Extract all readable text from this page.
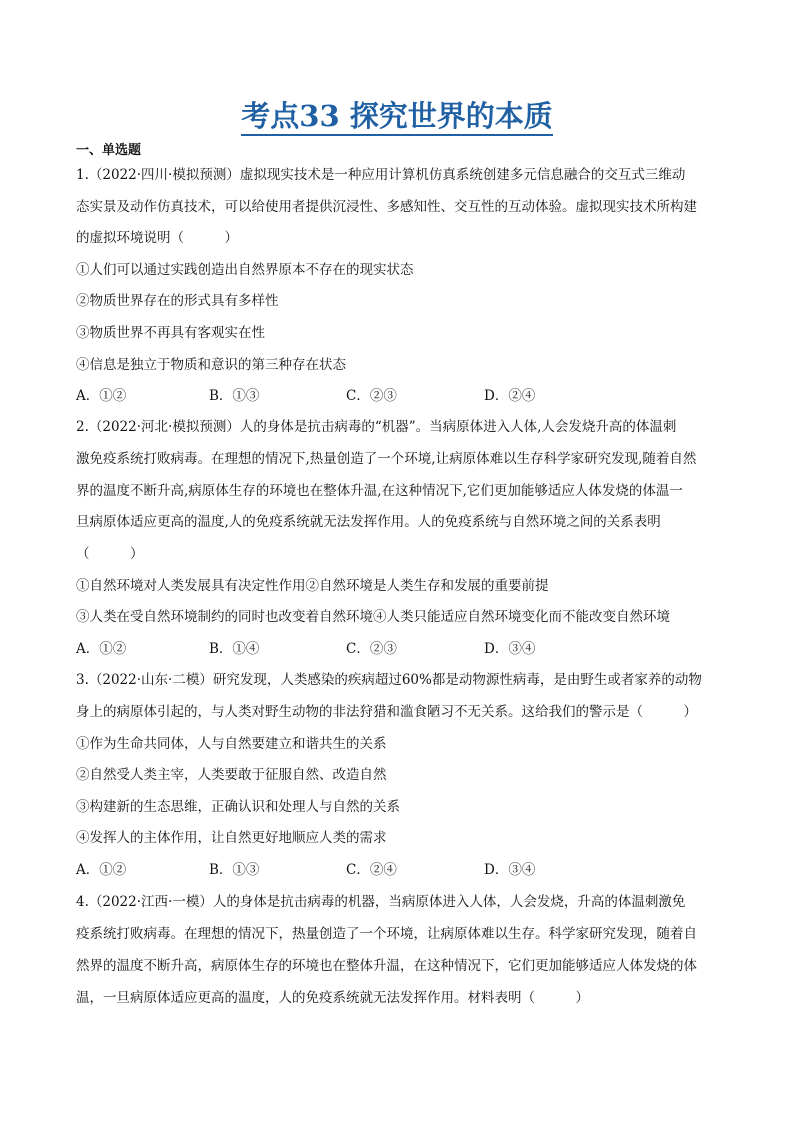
考点33 探究世界的本质
一、单选题
1.（2022·四川·模拟预测）虚拟现实技术是一种应用计算机仿真系统创建多元信息融合的交互式三维动
态实景及动作仿真技术，可以给使用者提供沉浸性、多感知性、交互性的互动体验。虚拟现实技术所构建
的虚拟环境说明（　　　）
①人们可以通过实践创造出自然界原本不存在的现实状态
②物质世界存在的形式具有多样性
③物质世界不再具有客观实在性
④信息是独立于物质和意识的第三种存在状态
A．①②	B．①③	C．②③	D．②④
2.（2022·河北·模拟预测）人的身体是抗击病毒的“机器”。当病原体进入人体,人会发烧升高的体温刺
激免疫系统打败病毒。在理想的情况下,热量创造了一个环境,让病原体难以生存科学家研究发现,随着自然
界的温度不断升高,病原体生存的环境也在整体升温,在这种情况下,它们更加能够适应人体发烧的体温一
旦病原体适应更高的温度,人的免疫系统就无法发挥作用。人的免疫系统与自然环境之间的关系表明
（　　　）
①自然环境对人类发展具有决定性作用②自然环境是人类生存和发展的重要前提
③人类在受自然环境制约的同时也改变着自然环境④人类只能适应自然环境变化而不能改变自然环境
A．①②	B．①④	C．②③	D．③④
3.（2022·山东·二模）研究发现，人类感染的疾病超过60%都是动物源性病毒，是由野生或者家养的动物
身上的病原体引起的，与人类对野生动物的非法狩猎和滥食陋习不无关系。这给我们的警示是（　　　）
①作为生命共同体，人与自然要建立和谐共生的关系
②自然受人类主宰，人类要敢于征服自然、改造自然
③构建新的生态思维，正确认识和处理人与自然的关系
④发挥人的主体作用，让自然更好地顺应人类的需求
A．①②	B．①③	C．②④	D．③④
4.（2022·江西·一模）人的身体是抗击病毒的机器，当病原体进入人体，人会发烧，升高的体温刺激免
疫系统打败病毒。在理想的情况下，热量创造了一个环境，让病原体难以生存。科学家研究发现，随着自
然界的温度不断升高，病原体生存的环境也在整体升温，在这种情况下，它们更加能够适应人体发烧的体
温，一旦病原体适应更高的温度，人的免疫系统就无法发挥作用。材料表明（　　　）
